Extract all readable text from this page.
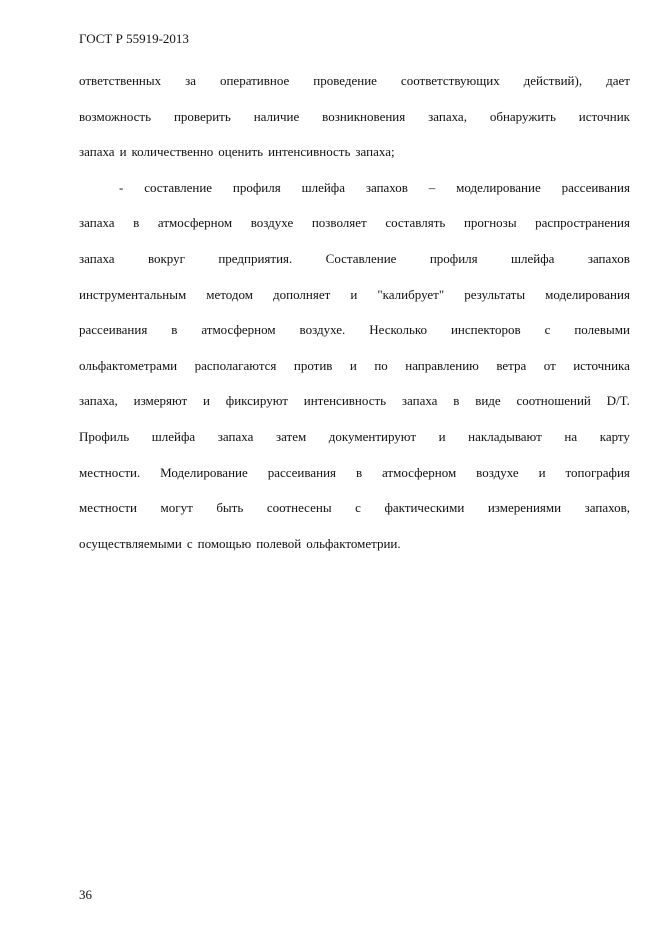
ГОСТ Р 55919-2013
ответственных за оперативное проведение соответствующих действий), дает
возможность проверить наличие возникновения запаха, обнаружить источник
запаха и количественно оценить интенсивность запаха;
- составление профиля шлейфа запахов – моделирование рассеивания
запаха в атмосферном воздухе позволяет составлять прогнозы распространения
запаха	вокруг	предприятия.	Составление	профиля	шлейфа	запахов
инструментальным методом дополняет и "калибрует" результаты моделирования
рассеивания в атмосферном воздухе. Несколько инспекторов с полевыми
ольфактометрами располагаются против и по направлению ветра от источника
запаха, измеряют и фиксируют интенсивность запаха в виде соотношений D/T.
Профиль шлейфа запаха затем документируют и накладывают на карту
местности. Моделирование рассеивания в атмосферном воздухе и топография
местности могут быть соотнесены с фактическими измерениями запахов,
осуществляемыми с помощью полевой ольфактометрии.
36
